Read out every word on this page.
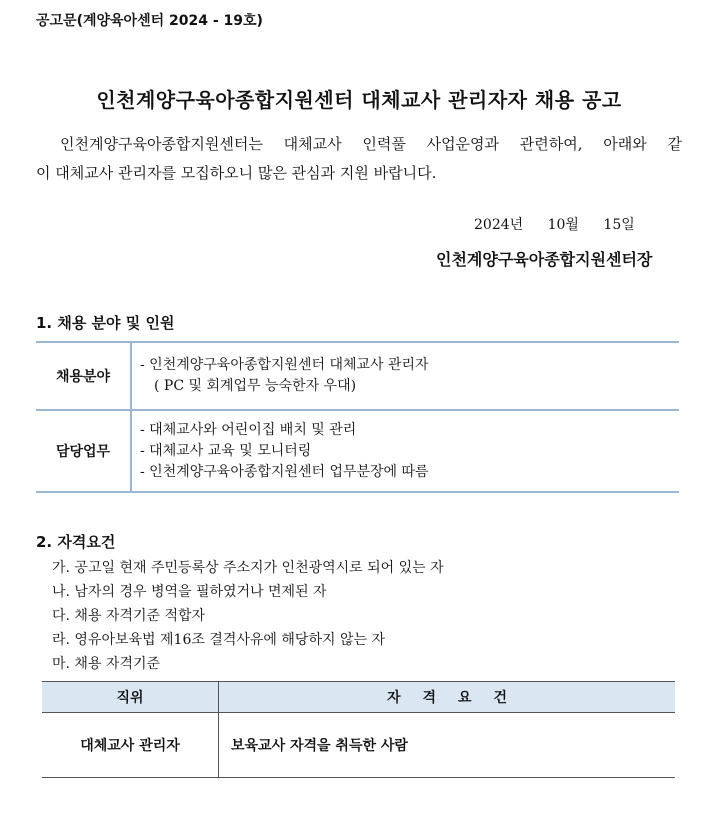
공고문(계양육아센터 2024 - 19호)
인천계양구육아종합지원센터 대체교사 관리자자 채용 공고

인천계양구육아종합지원센터는 대체교사 인력풀 사업운영과 관련하여, 아래와 같

이 대체교사 관리자를 모집하오니 많은 관심과 지원 바랍니다.

2024년 10월 15일
인천계양구육아종합지원센터장
1. 채용 분야 및 인원
채용분야
- 인천계양구육아종합지원센터 대체교사 관리자
( PC 및 회계업무 능숙한자 우대)
담당업무
- 대체교사와 어린이집 배치 및 관리
- 대체교사 교육 및 모니터링
- 인천계양구육아종합지원센터 업무분장에 따름
2. 자격요건
가. 공고일 현재 주민등록상 주소지가 인천광역시로 되어 있는 자
나. 남자의 경우 병역을 필하였거나 면제된 자
다. 채용 자격기준 적합자
라. 영유아보육법 제16조 결격사유에 해당하지 않는 자
마. 채용 자격기준
직위	자격요건
대체교사 관리자	보육교사 자격을 취득한 사람
